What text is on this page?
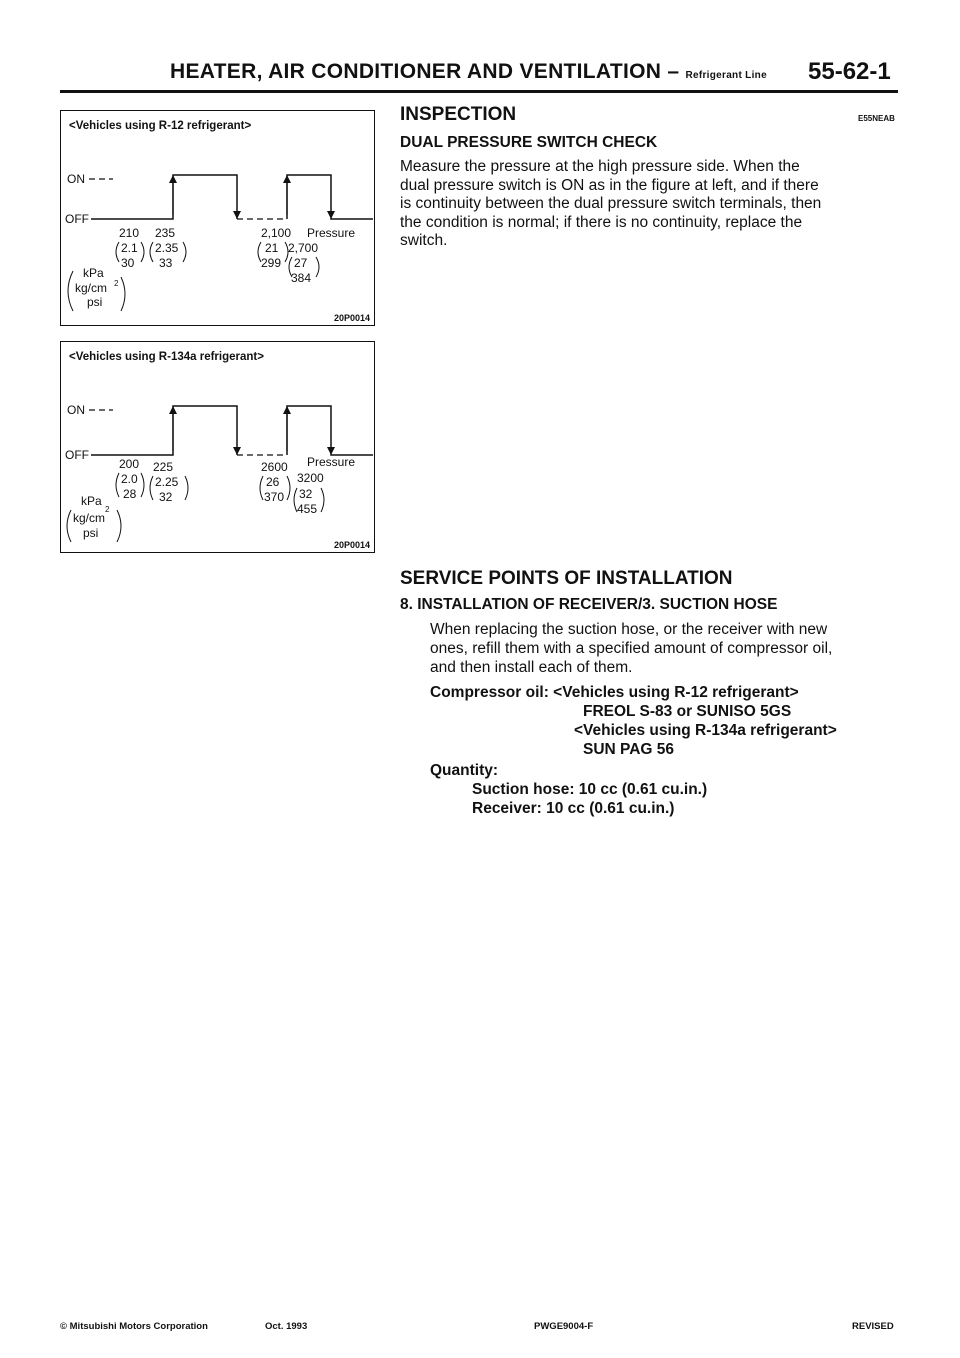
HEATER, AIR CONDITIONER AND VENTILATION – Refrigerant Line 55-62-1
<Vehicles using R-12 refrigerant>
ON
OFF
210
2.1
30
235
2.35
33
2,100
21
299
Pressure
2,700
27
384
kPa
kg/cm 2
psi
20P0014
<Vehicles using R-134a refrigerant>
ON
OFF
200
2.0
28
225
2.25
32
2600
26
370
Pressure
3200
32
455
kPa
2
kg/cm
psi
20P0014
INSPECTION	E55NEAB
DUAL PRESSURE SWITCH CHECK
Measure the pressure at the high pressure side. When the
dual pressure switch is ON as in the figure at left, and if there
is continuity between the dual pressure switch terminals, then
the condition is normal; if there is no continuity, replace the
switch.
SERVICE POINTS OF INSTALLATION
8. INSTALLATION OF RECEIVER/3. SUCTION HOSE
When replacing the suction hose, or the receiver with new
ones, refill them with a specified amount of compressor oil,
and then install each of them.
Compressor oil: <Vehicles using R-12 refrigerant>
FREOL S-83 or SUNISO 5GS
<Vehicles using R-134a refrigerant>
SUN PAG 56
Quantity:
Suction hose: 10 cc (0.61 cu.in.)
Receiver: 10 cc (0.61 cu.in.)
© Mitsubishi Motors Corporation	Oct. 1993	PWGE9004-F	REVISED
